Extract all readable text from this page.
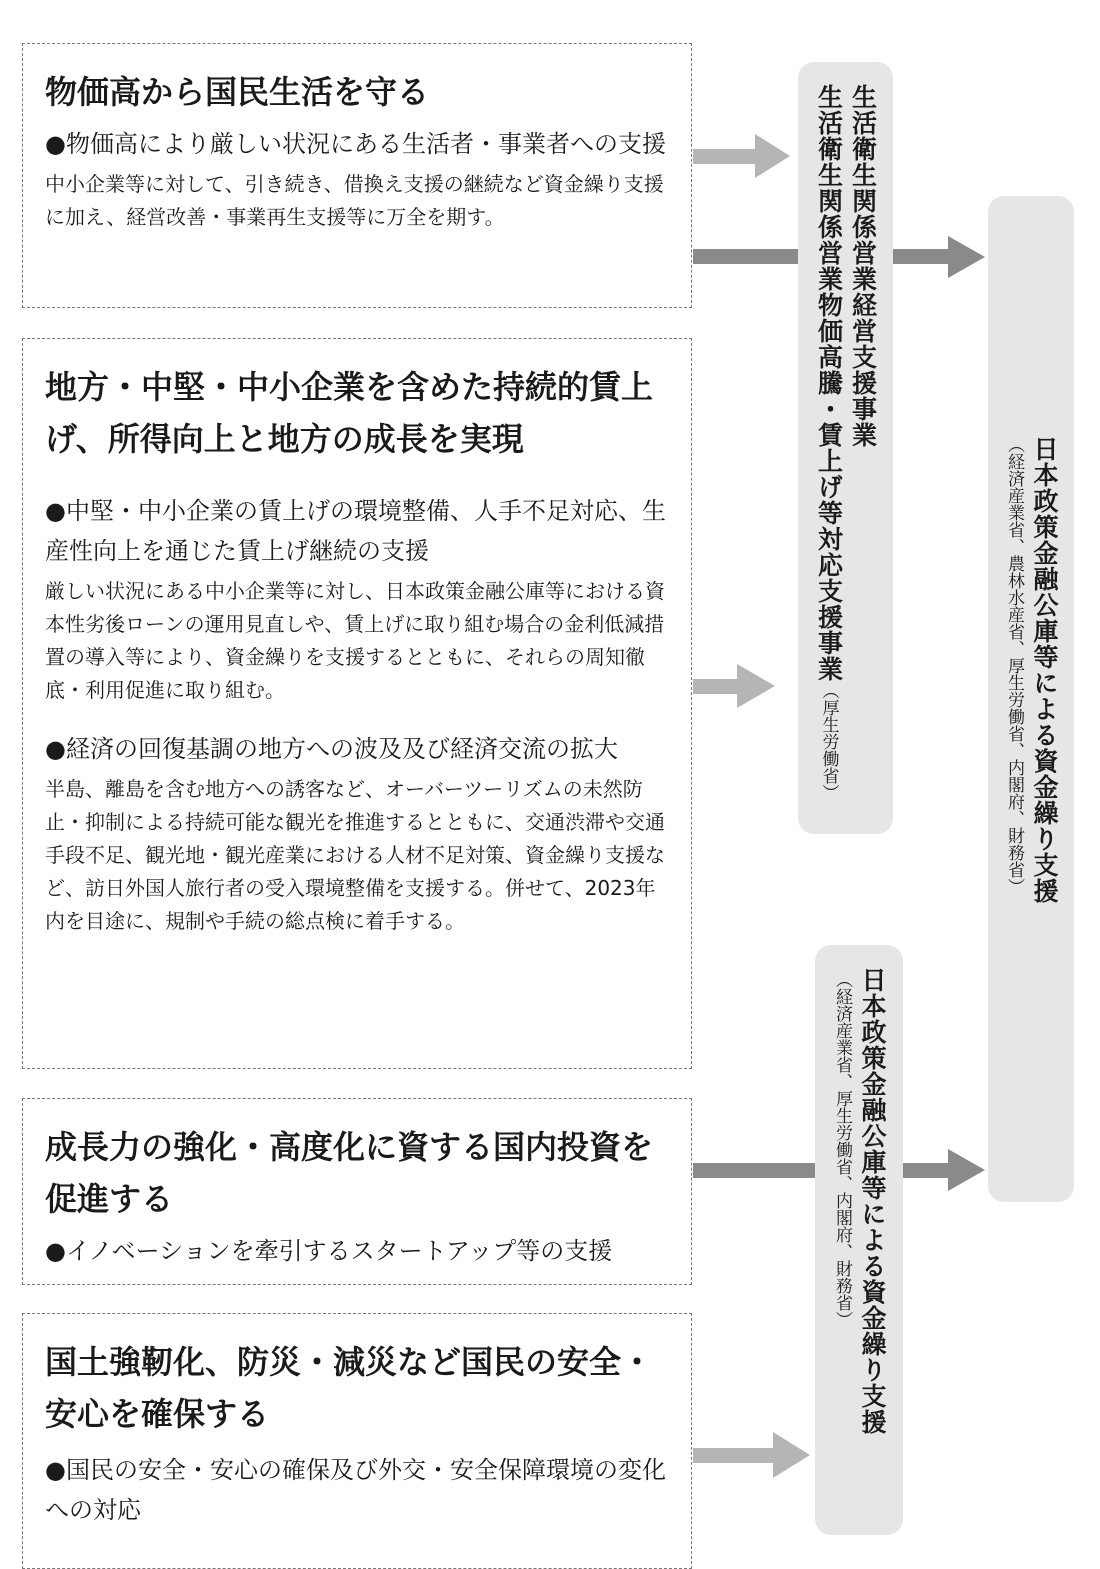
物価高から国民生活を守る
● 物価高により厳しい状況にある生活者・事業者への支援
中小企業等に対して、引き続き、借換え支援の継続など資金繰り支援に加え、経営改善・事業再生支援等に万全を期す。
地方・中堅・中小企業を含めた持続的賃上げ、所得向上と地方の成長を実現
● 中堅・中小企業の賃上げの環境整備、人手不足対応、生産性向上を通じた賃上げ継続の支援
厳しい状況にある中小企業等に対し、日本政策金融公庫等における資本性劣後ローンの運用見直しや、賃上げに取り組む場合の金利低減措置の導入等により、資金繰りを支援するとともに、それらの周知徹底・利用促進に取り組む。
● 経済の回復基調の地方への波及及び経済交流の拡大
半島、離島を含む地方への誘客など、オーバーツーリズムの未然防止・抑制による持続可能な観光を推進するとともに、交通渋滞や交通手段不足、観光地・観光産業における人材不足対策、資金繰り支援など、訪日外国人旅行者の受入環境整備を支援する。併せて、2023年内を目途に、規制や手続の総点検に着手する。
成長力の強化・高度化に資する国内投資を促進する
● イノベーションを牽引するスタートアップ等の支援
国土強靭化、防災・減災など国民の安全・安心を確保する
● 国民の安全・安心の確保及び外交・安全保障環境の変化への対応
生活衛生関係営業経営支援事業
生活衛生関係営業物価高騰・賃上げ等対応支援事業
（厚生労働省）
日本政策金融公庫等による資金繰り支援
（経済産業省、厚生労働省、内閣府、財務省）
日本政策金融公庫等による資金繰り支援
（経済産業省、農林水産省、厚生労働省、内閣府、財務省）
